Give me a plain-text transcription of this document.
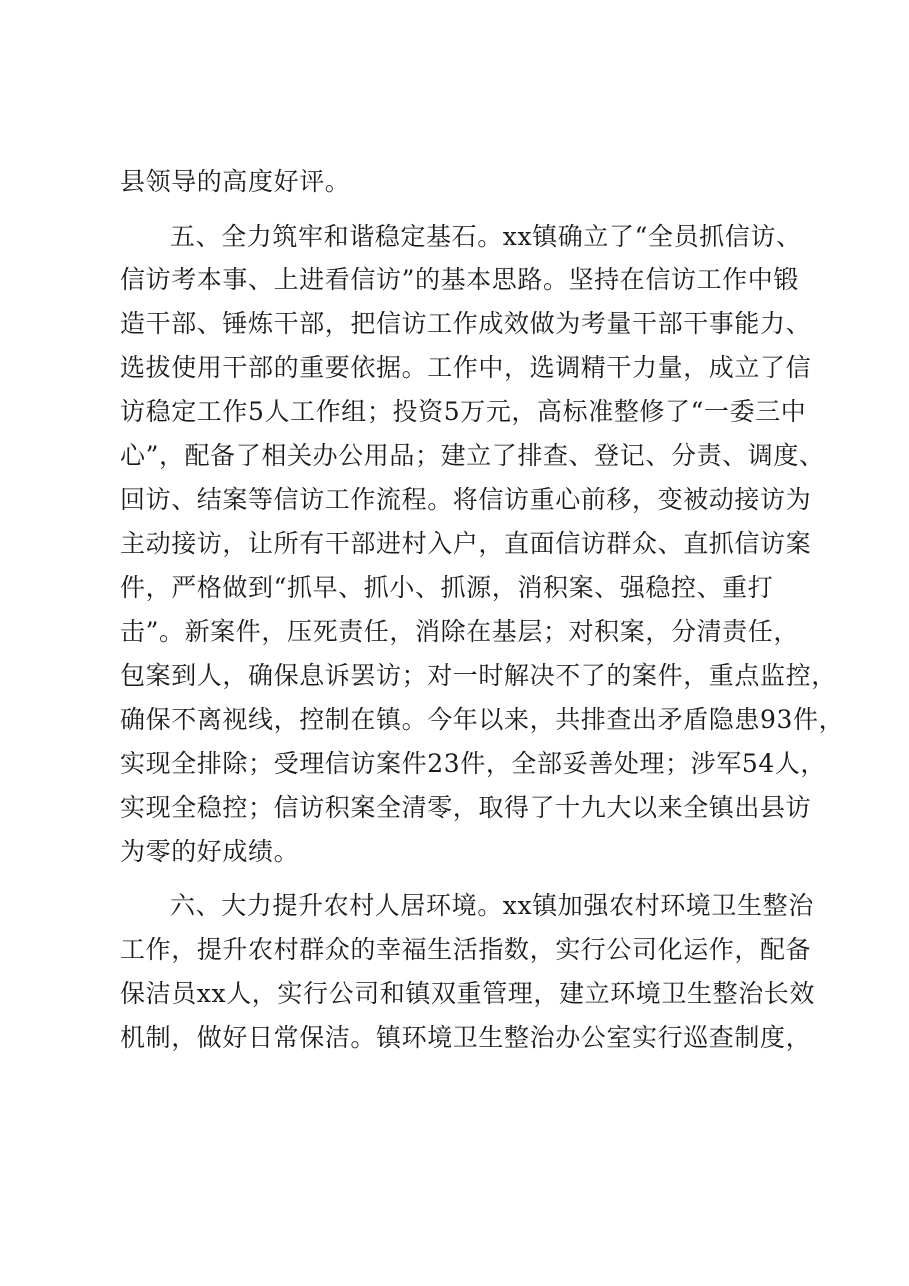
县领导的高度好评。
五、全力筑牢和谐稳定基石。xx镇确立了“全员抓信访、
信访考本事、上进看信访”的基本思路。坚持在信访工作中锻
造干部、锤炼干部，把信访工作成效做为考量干部干事能力、
选拔使用干部的重要依据。工作中，选调精干力量，成立了信
访稳定工作5人工作组；投资5万元，高标准整修了“一委三中
心”，配备了相关办公用品；建立了排查、登记、分责、调度、
回访、结案等信访工作流程。将信访重心前移，变被动接访为
主动接访，让所有干部进村入户，直面信访群众、直抓信访案
件，严格做到“抓早、抓小、抓源，消积案、强稳控、重打
击”。新案件，压死责任，消除在基层；对积案，分清责任，
包案到人，确保息诉罢访；对一时解决不了的案件，重点监控，
确保不离视线，控制在镇。今年以来，共排查出矛盾隐患93件，
实现全排除；受理信访案件23件，全部妥善处理；涉军54人，
实现全稳控；信访积案全清零，取得了十九大以来全镇出县访
为零的好成绩。
六、大力提升农村人居环境。xx镇加强农村环境卫生整治
工作，提升农村群众的幸福生活指数，实行公司化运作，配备
保洁员xx人，实行公司和镇双重管理，建立环境卫生整治长效
机制，做好日常保洁。镇环境卫生整治办公室实行巡查制度，
